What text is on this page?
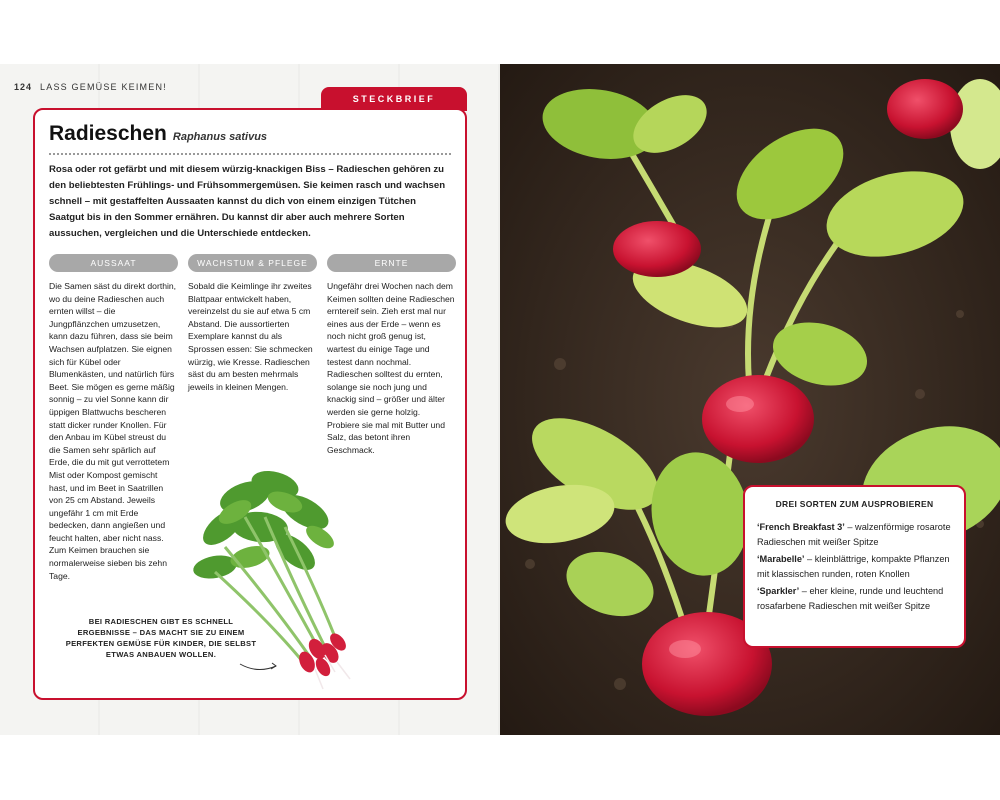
124 LASS GEMÜSE KEIMEN!
STECKBRIEF
Radieschen Raphanus sativus

Rosa oder rot gefärbt und mit diesem würzig-knackigen Biss – Radieschen gehören zu den beliebtesten Frühlings- und Frühsommergemüsen. Sie keimen rasch und wachsen schnell – mit gestaffelten Aussaaten kannst du dich von einem einzigen Tütchen Saatgut bis in den Sommer ernähren. Du kannst dir aber auch mehrere Sorten aussuchen, vergleichen und die Unterschiede entdecken.

AUSSAAT	WACHSTUM & PFLEGE	ERNTE

Die Samen säst du direkt dorthin, wo du deine Radieschen auch ernten willst – die Jungpflänzchen umzusetzen, kann dazu führen, dass sie beim Wachsen aufplatzen. Sie eignen sich für Kübel oder Blumenkästen, und natürlich fürs Beet. Sie mögen es gerne mäßig sonnig – zu viel Sonne kann dir üppigen Blattwuchs bescheren statt dicker runder Knollen. Für den Anbau im Kübel streust du die Samen sehr spärlich auf Erde, die du mit gut verrottetem Mist oder Kompost gemischt hast, und im Beet in Saatrillen von 25 cm Abstand. Jeweils ungefähr 1 cm mit Erde bedecken, dann angießen und feucht halten, aber nicht nass. Zum Keimen brauchen sie normalerweise sieben bis zehn Tage.

Sobald die Keimlinge ihr zweites Blattpaar entwickelt haben, vereinzelst du sie auf etwa 5 cm Abstand. Die aussortierten Exemplare kannst du als Sprossen essen: Sie schmecken würzig, wie Kresse. Radieschen säst du am besten mehrmals jeweils in kleinen Mengen.

Ungefähr drei Wochen nach dem Keimen sollten deine Radieschen erntereif sein. Zieh erst mal nur eines aus der Erde – wenn es noch nicht groß genug ist, wartest du einige Tage und testest dann nochmal. Radieschen solltest du ernten, solange sie noch jung und knackig sind – größer und älter werden sie gerne holzig. Probiere sie mal mit Butter und Salz, das betont ihren Geschmack.

BEI RADIESCHEN GIBT ES SCHNELL ERGEBNISSE – DAS MACHT SIE ZU EINEM PERFEKTEN GEMÜSE FÜR KINDER, DIE SELBST ETWAS ANBAUEN WOLLEN.

DREI SORTEN ZUM AUSPROBIEREN
‘French Breakfast 3’ – walzenförmige rosarote Radieschen mit weißer Spitze
‘Marabelle’ – kleinblättrige, kompakte Pflanzen mit klassischen runden, roten Knollen
‘Sparkler’ – eher kleine, runde und leuchtend rosafarbene Radieschen mit weißer Spitze
